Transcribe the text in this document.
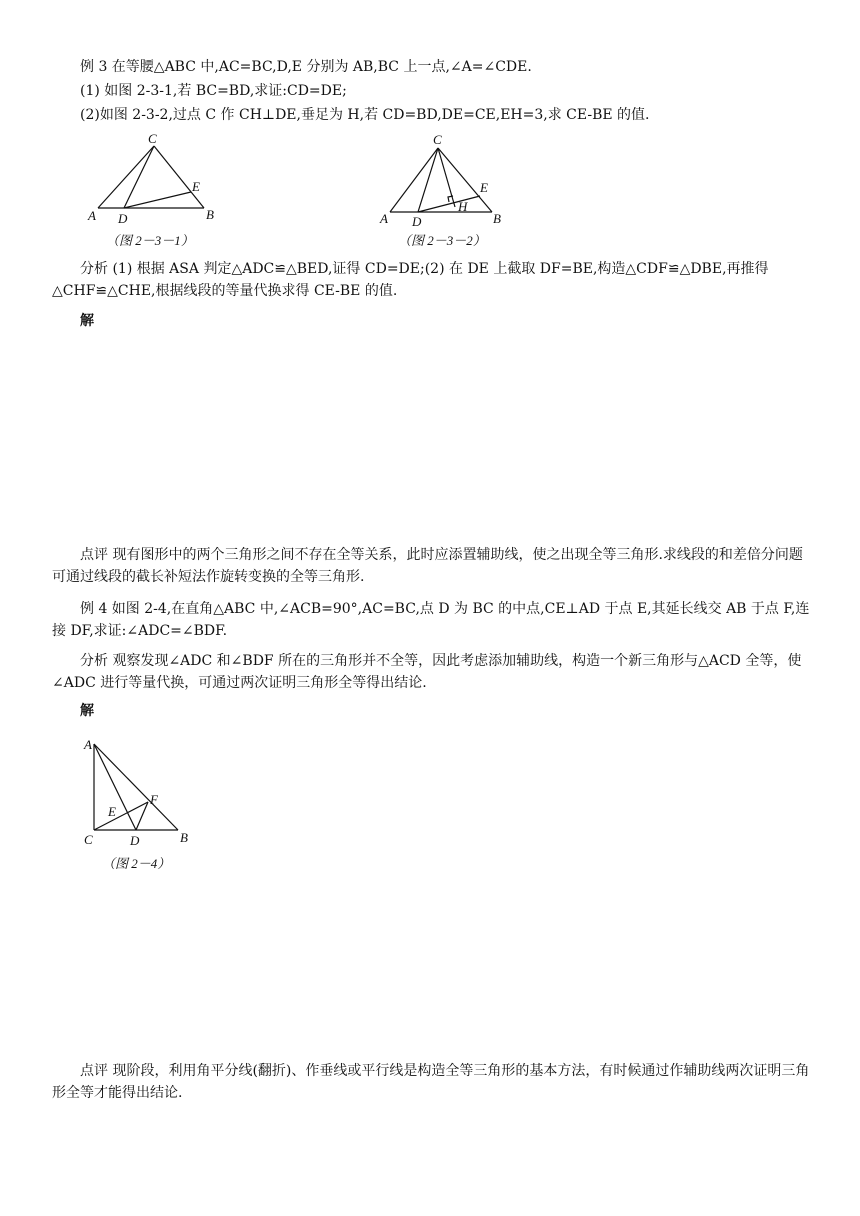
例 3 在等腰△ABC 中,AC=BC,D,E 分别为 AB,BC 上一点,∠A=∠CDE.

(1) 如图 2-3-1,若 BC=BD,求证:CD=DE;

(2)如图 2-3-2,过点 C 作 CH⊥DE,垂足为 H,若 CD=BD,DE=CE,EH=3,求 CE-BE 的值.

A	B
C
D
E
（图 2－3－1）
A	B
C
D
E
H
（图 2－3－2）

分析 (1) 根据 ASA 判定△ADC≌△BED,证得 CD=DE;(2) 在 DE 上截取 DF=BE,构造△CDF≌△DBE,再推得△CHF≌△CHE,根据线段的等量代换求得 CE-BE 的值.

解

点评 现有图形中的两个三角形之间不存在全等关系，此时应添置辅助线，使之出现全等三角形.求线段的和差倍分问题可通过线段的截长补短法作旋转变换的全等三角形.

例 4 如图 2-4,在直角△ABC 中,∠ACB=90°,AC=BC,点 D 为 BC 的中点,CE⊥AD 于点 E,其延长线交 AB 于点 F,连接 DF,求证:∠ADC=∠BDF.

分析 观察发现∠ADC 和∠BDF 所在的三角形并不全等，因此考虑添加辅助线，构造一个新三角形与△ACD 全等，使∠ADC 进行等量代换，可通过两次证明三角形全等得出结论.

解

A
B
C	D
E
F
（图 2－4）

点评 现阶段，利用角平分线(翻折)、作垂线或平行线是构造全等三角形的基本方法，有时候通过作辅助线两次证明三角形全等才能得出结论.
